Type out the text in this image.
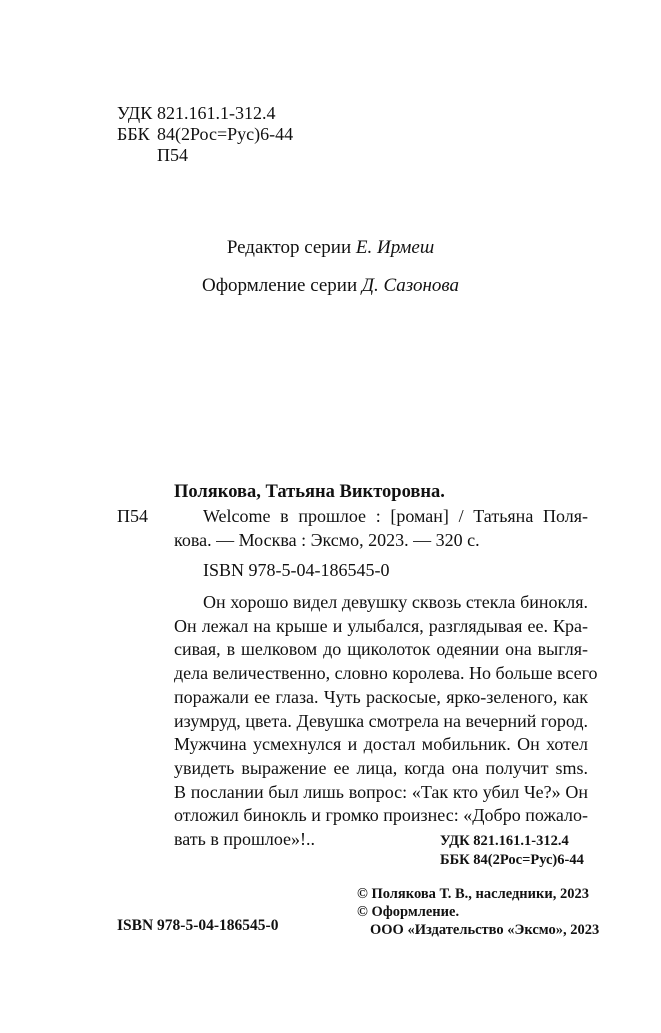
УДК 821.161.1-312.4
ББК 84(2Рос=Рус)6-44
П54
Редактор серии Е. Ирмеш
Оформление серии Д. Сазонова
Полякова, Татьяна Викторовна.
П54	Welcome в прошлое : [роман] / Татьяна Поля-
кова. — Москва : Эксмо, 2023. — 320 с.
ISBN 978-5-04-186545-0
Он хорошо видел девушку сквозь стекла бинокля.
Он лежал на крыше и улыбался, разглядывая ее. Кра-
сивая, в шелковом до щиколоток одеянии она выгля-
дела величественно, словно королева. Но больше всего
поражали ее глаза. Чуть раскосые, ярко-зеленого, как
изумруд, цвета. Девушка смотрела на вечерний город.
Мужчина усмехнулся и достал мобильник. Он хотел
увидеть выражение ее лица, когда она получит sms.
В послании был лишь вопрос: «Так кто убил Че?» Он
отложил бинокль и громко произнес: «Добро пожало-
вать в прошлое»!..	УДК 821.161.1-312.4
ББК 84(2Рос=Рус)6-44
ISBN 978-5-04-186545-0
© Полякова Т. В., наследники, 2023
© Оформление.
ООО «Издательство «Эксмо», 2023
